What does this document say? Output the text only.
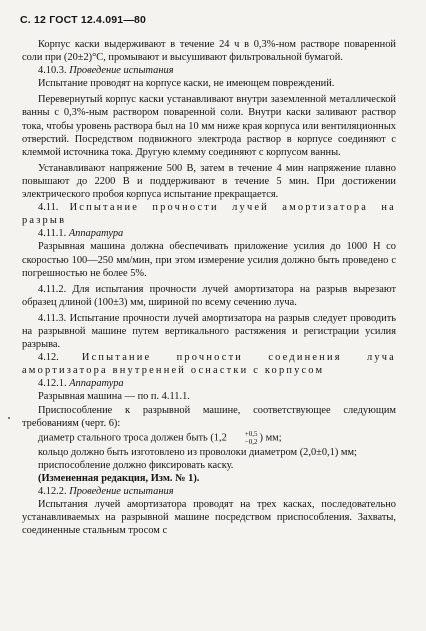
С. 12 ГОСТ 12.4.091—80

Корпус каски выдерживают в течение 24 ч в 0,3%-ном растворе поваренной соли при (20±2)°С, промывают и высушивают фильтровальной бумагой.

4.10.3. Проведение испытания

Испытание проводят на корпусе каски, не имеющем повреждений.

Перевернутый корпус каски устанавливают внутри заземленной металлической ванны с 0,3%-ным раствором поваренной соли. Внутри каски заливают раствор тока, чтобы уровень раствора был на 10 мм ниже края корпуса или вентиляционных отверстий. Посредством подвижного электрода раствор в корпусе соединяют с клеммой источника тока. Другую клемму соединяют с корпусом ванны.

Устанавливают напряжение 500 В, затем в течение 4 мин напряжение плавно повышают до 2200 В и поддерживают в течение 5 мин. При достижении электрического пробоя корпуса испытание прекращается.

4.11. Испытание прочности лучей амортизатора на разрыв

4.11.1. Аппаратура

Разрывная машина должна обеспечивать приложение усилия до 1000 Н со скоростью 100—250 мм/мин, при этом измерение усилия должно быть проведено с погрешностью не более 5%.

4.11.2. Для испытания прочности лучей амортизатора на разрыв вырезают образец длиной (100±3) мм, шириной по всему сечению луча.

4.11.3. Испытание прочности лучей амортизатора на разрыв следует проводить на разрывной машине путем вертикального растяжения и регистрации усилия разрыва.

4.12. Испытание прочности соединения луча амортизатора внутренней оснастки с корпусом

4.12.1. Аппаратура

Разрывная машина — по п. 4.11.1.

Приспособление к разрывной машине, соответствующее следующим требованиям (черт. 6):

диаметр стального троса должен быть (1,2	+0,5
−0,2 ) мм;

кольцо должно быть изготовлено из проволоки диаметром (2,0±0,1) мм;

приспособление должно фиксировать каску.

(Измененная редакция, Изм. № 1).

4.12.2. Проведение испытания

Испытания лучей амортизатора проводят на трех касках, последовательно устанавливаемых на разрывной машине посредством приспособления. Захваты, соединенные стальным тросом с
